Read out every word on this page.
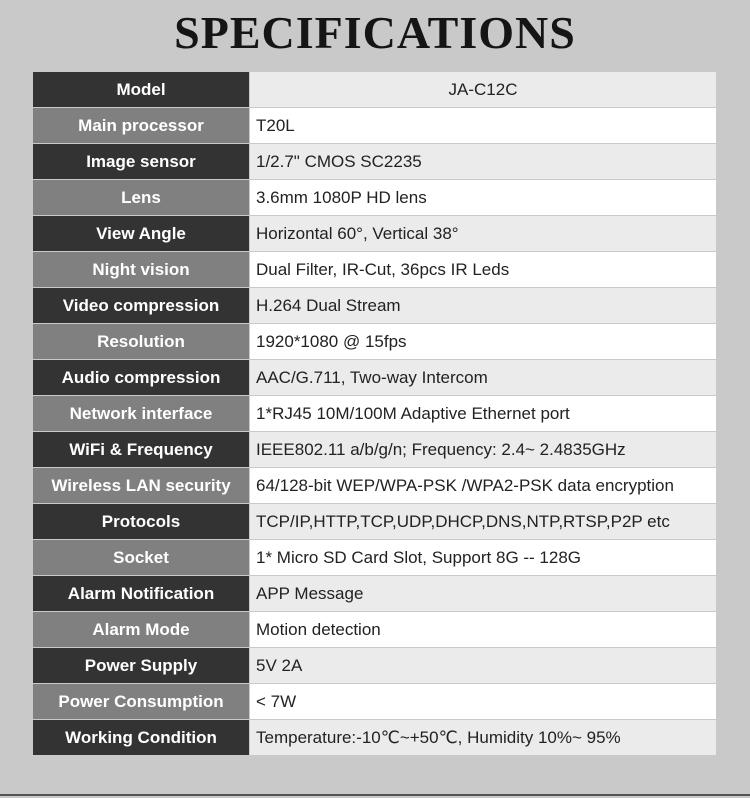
SPECIFICATIONS
Model	JA-C12C
Main processor	T20L
Image sensor	1/2.7" CMOS SC2235
Lens	3.6mm 1080P HD lens
View Angle	Horizontal 60°, Vertical 38°
Night vision	Dual Filter, IR-Cut, 36pcs IR Leds
Video compression	H.264 Dual Stream
Resolution	1920*1080 @ 15fps
Audio compression	AAC/G.711, Two-way Intercom
Network interface	1*RJ45 10M/100M Adaptive Ethernet port
WiFi & Frequency	IEEE802.11 a/b/g/n; Frequency: 2.4~ 2.4835GHz
Wireless LAN security	64/128-bit WEP/WPA-PSK /WPA2-PSK data encryption
Protocols	TCP/IP,HTTP,TCP,UDP,DHCP,DNS,NTP,RTSP,P2P etc
Socket	1* Micro SD Card Slot, Support 8G -- 128G
Alarm Notification	APP Message
Alarm Mode	Motion detection
Power Supply	5V 2A
Power Consumption	< 7W
Working Condition	Temperature:-10℃~+50℃, Humidity 10%~ 95%
